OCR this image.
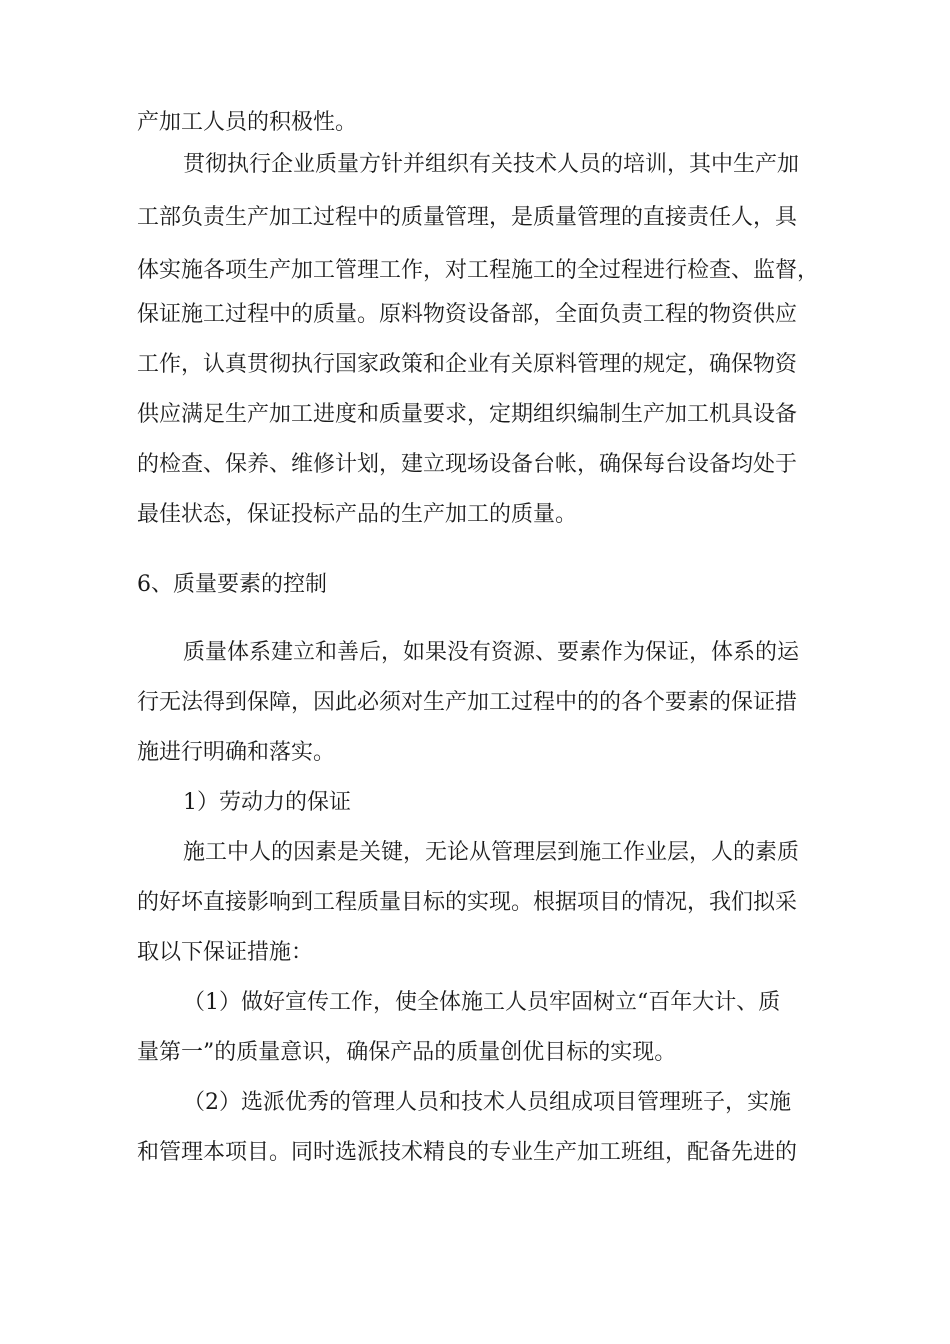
产加工人员的积极性。
贯彻执行企业质量方针并组织有关技术人员的培训，其中生产加
工部负责生产加工过程中的质量管理，是质量管理的直接责任人，具
体实施各项生产加工管理工作，对工程施工的全过程进行检查、监督，
保证施工过程中的质量。原料物资设备部，全面负责工程的物资供应
工作，认真贯彻执行国家政策和企业有关原料管理的规定，确保物资
供应满足生产加工进度和质量要求，定期组织编制生产加工机具设备
的检查、保养、维修计划，建立现场设备台帐，确保每台设备均处于
最佳状态，保证投标产品的生产加工的质量。
6、质量要素的控制
质量体系建立和善后，如果没有资源、要素作为保证，体系的运
行无法得到保障，因此必须对生产加工过程中的的各个要素的保证措
施进行明确和落实。
1）劳动力的保证
施工中人的因素是关键，无论从管理层到施工作业层，人的素质
的好坏直接影响到工程质量目标的实现。根据项目的情况，我们拟采
取以下保证措施：
（1）做好宣传工作，使全体施工人员牢固树立“百年大计、质
量第一”的质量意识，确保产品的质量创优目标的实现。
（2）选派优秀的管理人员和技术人员组成项目管理班子，实施
和管理本项目。同时选派技术精良的专业生产加工班组，配备先进的
